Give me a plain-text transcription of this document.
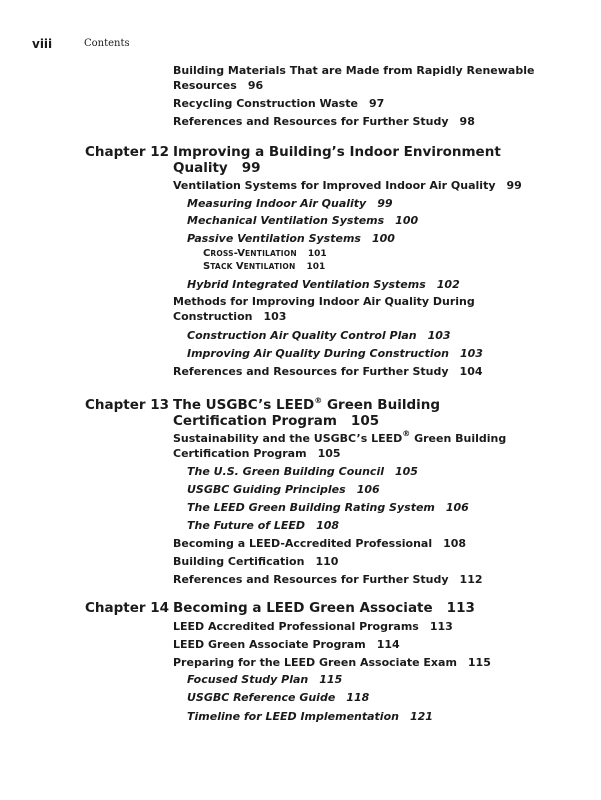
viii	Contents
Building Materials That are Made from Rapidly Renewable
Resources 96
Recycling Construction Waste 97
References and Resources for Further Study 98
Chapter 12 Improving a Building’s Indoor Environment
Quality 99
Ventilation Systems for Improved Indoor Air Quality 99
Measuring Indoor Air Quality 99
Mechanical Ventilation Systems 100
Passive Ventilation Systems 100
CROSS-VENTILATION 101
STACK VENTILATION 101
Hybrid Integrated Ventilation Systems 102
Methods for Improving Indoor Air Quality During
Construction 103
Construction Air Quality Control Plan 103
Improving Air Quality During Construction 103
References and Resources for Further Study 104
Chapter 13 The USGBC’s LEED® Green Building
Certification Program 105
Sustainability and the USGBC’s LEED® Green Building
Certification Program 105
The U.S. Green Building Council 105
USGBC Guiding Principles 106
The LEED Green Building Rating System 106
The Future of LEED 108
Becoming a LEED-Accredited Professional 108
Building Certification 110
References and Resources for Further Study 112
Chapter 14 Becoming a LEED Green Associate 113
LEED Accredited Professional Programs 113
LEED Green Associate Program 114
Preparing for the LEED Green Associate Exam 115
Focused Study Plan 115
USGBC Reference Guide 118
Timeline for LEED Implementation 121
